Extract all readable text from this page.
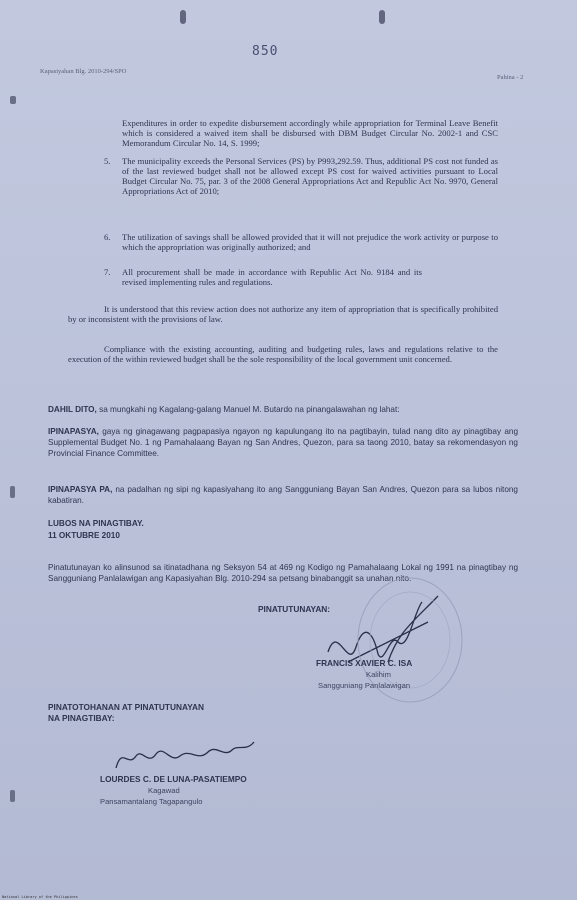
Kapasiyahan Blg. 2010-294/SPO
Pahina - 2
850
Expenditures in order to expedite disbursement accordingly while appropriation for Terminal Leave Benefit which is considered a waived item shall be disbursed with DBM Budget Circular No. 2002-1 and CSC Memorandum Circular No. 14, S. 1999;
5. The municipality exceeds the Personal Services (PS) by P993,292.59. Thus, additional PS cost not funded as of the last reviewed budget shall not be allowed except PS cost for waived activities pursuant to Local Budget Circular No. 75, par. 3 of the 2008 General Appropriations Act and Republic Act No. 9970, General Appropriations Act of 2010;
6. The utilization of savings shall be allowed provided that it will not prejudice the work activity or purpose to which the appropriation was originally authorized; and
7. All procurement shall be made in accordance with Republic Act No. 9184 and its revised implementing rules and regulations.
It is understood that this review action does not authorize any item of appropriation that is specifically prohibited by or inconsistent with the provisions of law.
Compliance with the existing accounting, auditing and budgeting rules, laws and regulations relative to the execution of the within reviewed budget shall be the sole responsibility of the local government unit concerned.
DAHIL DITO, sa mungkahi ng Kagalang-galang Manuel M. Butardo na pinangalawahan ng lahat:
IPINAPASYA, gaya ng ginagawang pagpapasiya ngayon ng kapulungang ito na pagtibayin, tulad nang dito ay pinagtibay ang Supplemental Budget No. 1 ng Pamahalaang Bayan ng San Andres, Quezon, para sa taong 2010, batay sa rekomendasyon ng Provincial Finance Committee.
IPINAPASYA PA, na padalhan ng sipi ng kapasiyahang ito ang Sangguniang Bayan San Andres, Quezon para sa lubos nitong kabatiran.
LUBOS NA PINAGTIBAY.
11 OKTUBRE 2010
Pinatutunayan ko alinsunod sa itinatadhana ng Seksyon 54 at 469 ng Kodigo ng Pamahalaang Lokal ng 1991 na pinagtibay ng Sangguniang Panlalawigan ang Kapasiyahan Blg. 2010-294 sa petsang binabanggit sa unahan nito.
PINATUTUNAYAN:
FRANCIS XAVIER C. ISA
Kalihim
Sangguniang Panlalawigan
PINATOTOHANAN AT PINATUTUNAYAN
NA PINAGTIBAY:
LOURDES C. DE LUNA-PASATIEMPO
Kagawad
Pansamantalang Tagapangulo
National Library of the Philippines
